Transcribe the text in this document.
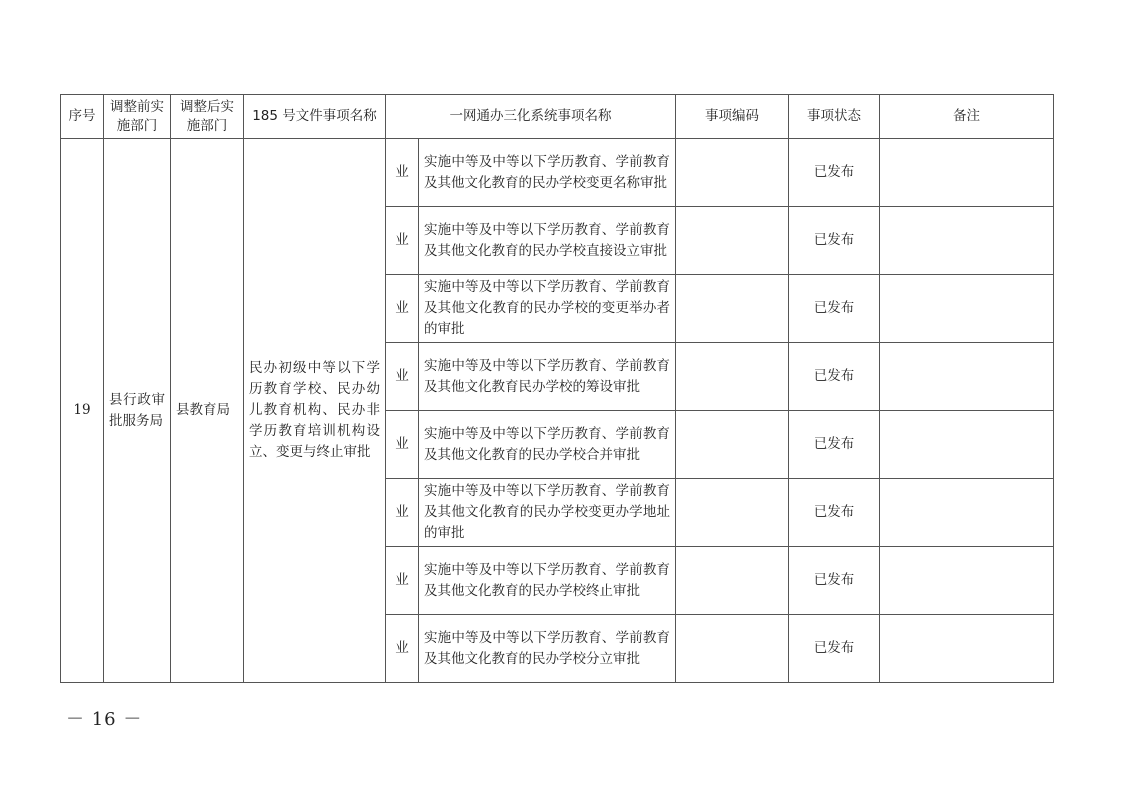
序号	调整前实施部门	调整后实施部门	185 号文件事项名称	一网通办三化系统事项名称		事项编码	事项状态	备注
19	县行政审批服务局	县教育局	民办初级中等以下学历教育学校、民办幼儿教育机构、民办非学历教育培训机构设立、变更与终止审批	业	实施中等及中等以下学历教育、学前教育及其他文化教育的民办学校变更名称审批		已发布	
				业	实施中等及中等以下学历教育、学前教育及其他文化教育的民办学校直接设立审批		已发布	
				业	实施中等及中等以下学历教育、学前教育及其他文化教育的民办学校的变更举办者的审批		已发布	
				业	实施中等及中等以下学历教育、学前教育及其他文化教育民办学校的筹设审批		已发布	
				业	实施中等及中等以下学历教育、学前教育及其他文化教育的民办学校合并审批		已发布	
				业	实施中等及中等以下学历教育、学前教育及其他文化教育的民办学校变更办学地址的审批		已发布	
				业	实施中等及中等以下学历教育、学前教育及其他文化教育的民办学校终止审批		已发布	
				业	实施中等及中等以下学历教育、学前教育及其他文化教育的民办学校分立审批		已发布	
－ 16 －
